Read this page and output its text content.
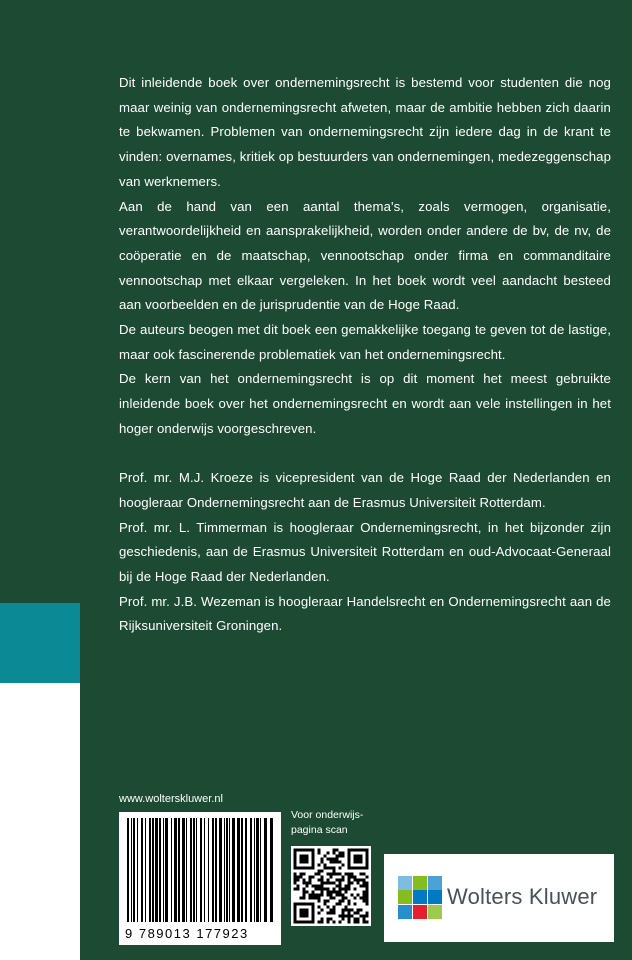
Dit inleidende boek over ondernemingsrecht is bestemd voor studenten die nog maar weinig van ondernemingsrecht afweten, maar de ambitie hebben zich daarin te bekwamen. Problemen van ondernemingsrecht zijn iedere dag in de krant te vinden: overnames, kritiek op bestuurders van ondernemingen, medezeggenschap van werknemers.

Aan de hand van een aantal thema's, zoals vermogen, organisatie, verantwoordelijkheid en aansprakelijkheid, worden onder andere de bv, de nv, de coöperatie en de maatschap, vennootschap onder firma en commanditaire vennootschap met elkaar vergeleken. In het boek wordt veel aandacht besteed aan voorbeelden en de jurisprudentie van de Hoge Raad.

De auteurs beogen met dit boek een gemakkelijke toegang te geven tot de lastige, maar ook fascinerende problematiek van het ondernemingsrecht.

De kern van het ondernemingsrecht is op dit moment het meest gebruikte inleidende boek over het ondernemingsrecht en wordt aan vele instellingen in het hoger onderwijs voorgeschreven.

Prof. mr. M.J. Kroeze is vicepresident van de Hoge Raad der Nederlanden en hoogleraar Ondernemingsrecht aan de Erasmus Universiteit Rotterdam.

Prof. mr. L. Timmerman is hoogleraar Ondernemingsrecht, in het bijzonder zijn geschiedenis, aan de Erasmus Universiteit Rotterdam en oud-Advocaat-Generaal bij de Hoge Raad der Nederlanden.

Prof. mr. J.B. Wezeman is hoogleraar Handelsrecht en Ondernemingsrecht aan de Rijksuniversiteit Groningen.

www.wolterskluwer.nl
9 789013 177923
Voor onderwijs-
pagina scan
Wolters Kluwer
